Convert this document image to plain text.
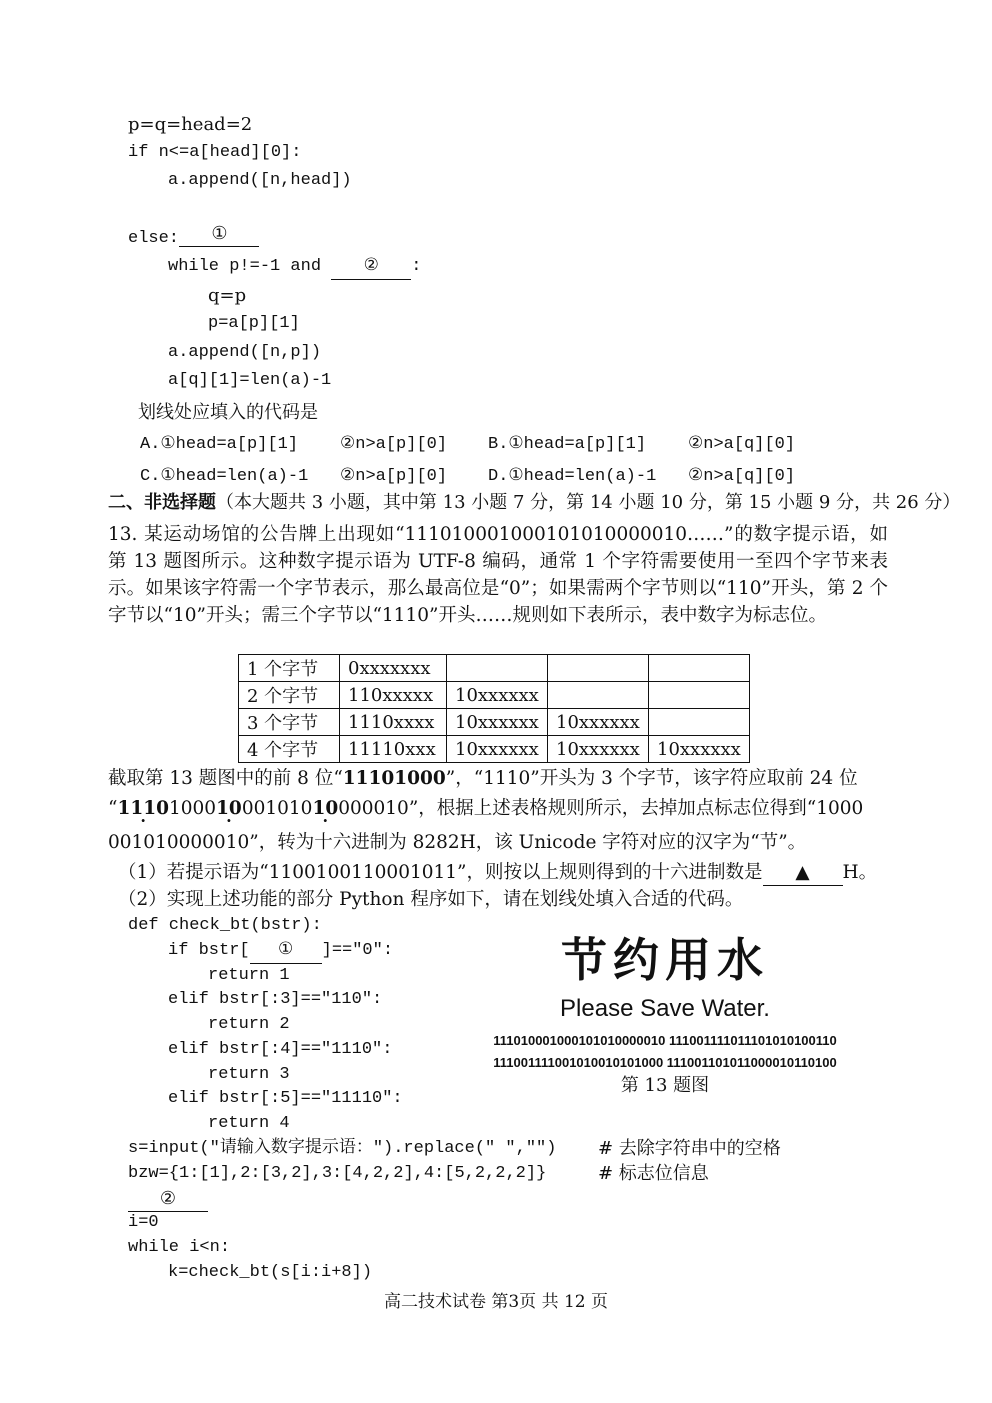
p=q=head=2
if n<=a[head][0]:
a.append([n,head])

①

else:
while p!=-1 and ② :
q=p
p=a[p][1]
a.append([n,p])
a[q][1]=len(a)-1
划线处应填入的代码是
A.①head=a[p][1] ②n>a[p][0] B.①head=a[p][1] ②n>a[q][0]
C.①head=len(a)-1 ②n>a[p][0] D.①head=len(a)-1 ②n>a[q][0]
二、非选择题（本大题共 3 小题，其中第 13 小题 7 分，第 14 小题 10 分，第 15 小题 9 分，共 26 分）
13. 某运动场馆的公告牌上出现如“111010001000101010000010……”的数字提示语，如第 13 题图所示。这种数字提示语为 UTF-8 编码，通常 1 个字符需要使用一至四个字节来表示。如果该字符需一个字节表示，那么最高位是“0”；如果需两个字节则以“110”开头，第 2 个字节以“10”开头；需三个字节以“1110”开头……规则如下表所示，表中数字为标志位。
1 个字节	0xxxxxxx			
2 个字节	110xxxxx	10xxxxxx		
3 个字节	1110xxxx	10xxxxxx	10xxxxxx	
4 个字节	11110xxx	10xxxxxx	10xxxxxx	10xxxxxx
截取第 13 题图中的前 8 位“11101000”，“1110”开头为 3 个字节，该字符应取前 24 位
“1110 ·100010 ·00101010 ·000010”，根据上述表格规则所示，去掉加点标志位得到“1000
001010000010”，转为十六进制为 8282H，该 Unicode 字符对应的汉字为“节”。
（1）若提示语为“1100100110001011”，则按以上规则得到的十六进制数是 ▲ H。
（2）实现上述功能的部分 Python 程序如下，请在划线处填入合适的代码。
def check_bt(bstr):
if bstr[ ① ]=="0":
return 1
elif bstr[:3]=="110":
return 2
elif bstr[:4]=="1110":
return 3
elif bstr[:5]=="11110":
return 4
s=input("请输入数字提示语：").replace(" ","") # 去除字符串中的空格
bzw={1:[1],2:[3,2],3:[4,2,2],4:[5,2,2,2]}	# 标志位信息
②
i=0
while i<n:
k=check_bt(s[i:i+8])
节约用水
Please Save Water.
111010001000101010000010 111001111011101010100110
111001111001010010101000 111001101011000010110100
第 13 题图
高二技术试卷 第3页 共 12 页
